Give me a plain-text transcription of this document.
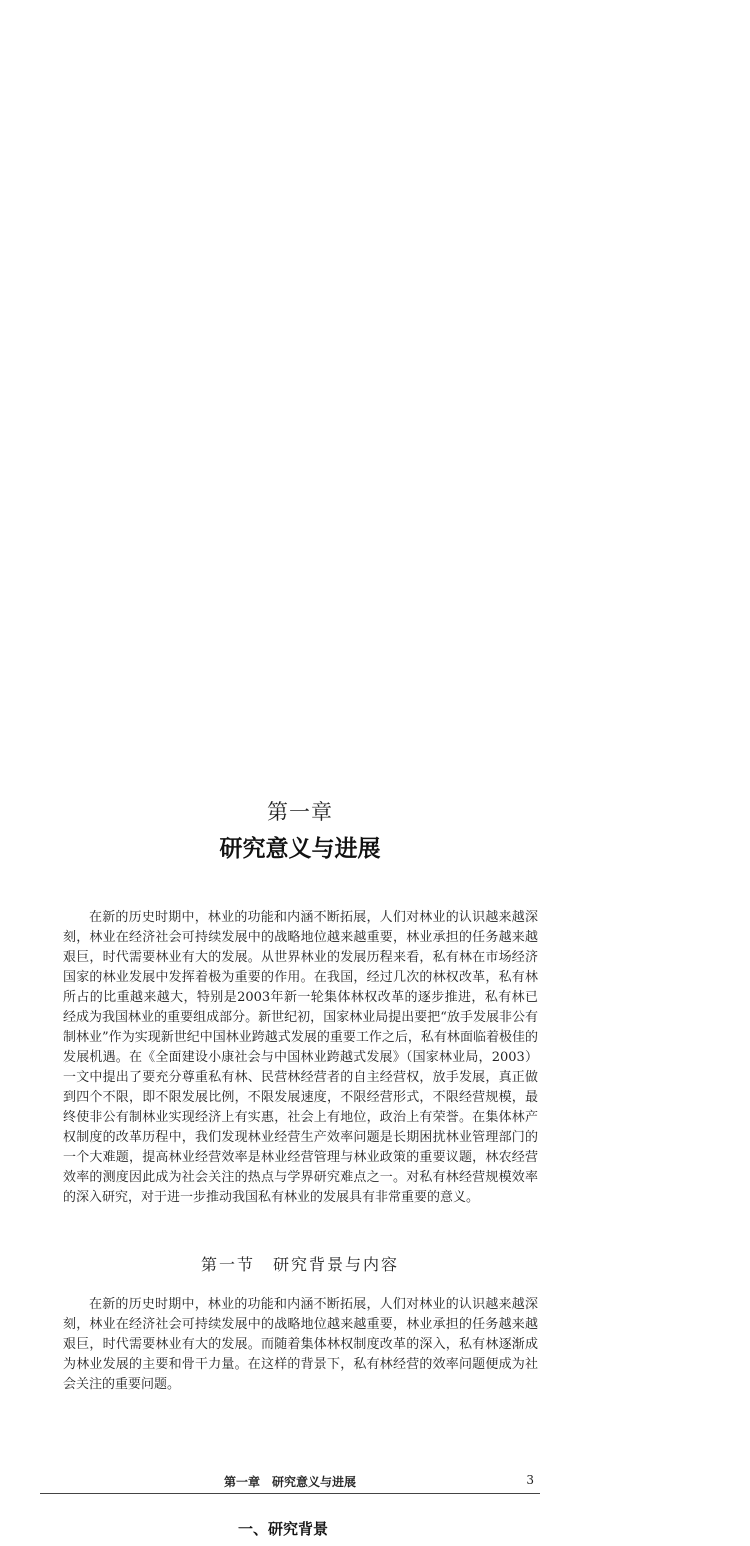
第一章
研究意义与进展

在新的历史时期中，林业的功能和内涵不断拓展，人们对林业的认识越来越深刻，林业在经济社会可持续发展中的战略地位越来越重要，林业承担的任务越来越艰巨，时代需要林业有大的发展。从世界林业的发展历程来看，私有林在市场经济国家的林业发展中发挥着极为重要的作用。在我国，经过几次的林权改革，私有林所占的比重越来越大，特别是2003年新一轮集体林权改革的逐步推进，私有林已经成为我国林业的重要组成部分。新世纪初，国家林业局提出要把“放手发展非公有制林业”作为实现新世纪中国林业跨越式发展的重要工作之后，私有林面临着极佳的发展机遇。在《全面建设小康社会与中国林业跨越式发展》（国家林业局，2003）一文中提出了要充分尊重私有林、民营林经营者的自主经营权，放手发展，真正做到四个不限，即不限发展比例，不限发展速度，不限经营形式，不限经营规模，最终使非公有制林业实现经济上有实惠，社会上有地位，政治上有荣誉。在集体林产权制度的改革历程中，我们发现林业经营生产效率问题是长期困扰林业管理部门的一个大难题，提高林业经营效率是林业经营管理与林业政策的重要议题，林农经营效率的测度因此成为社会关注的热点与学界研究难点之一。对私有林经营规模效率的深入研究，对于进一步推动我国私有林业的发展具有非常重要的意义。

第一节　研究背景与内容

在新的历史时期中，林业的功能和内涵不断拓展，人们对林业的认识越来越深刻，林业在经济社会可持续发展中的战略地位越来越重要，林业承担的任务越来越艰巨，时代需要林业有大的发展。而随着集体林权制度改革的深入，私有林逐渐成为林业发展的主要和骨干力量。在这样的背景下，私有林经营的效率问题便成为社会关注的重要问题。

第一章　研究意义与进展	3
一、研究背景
